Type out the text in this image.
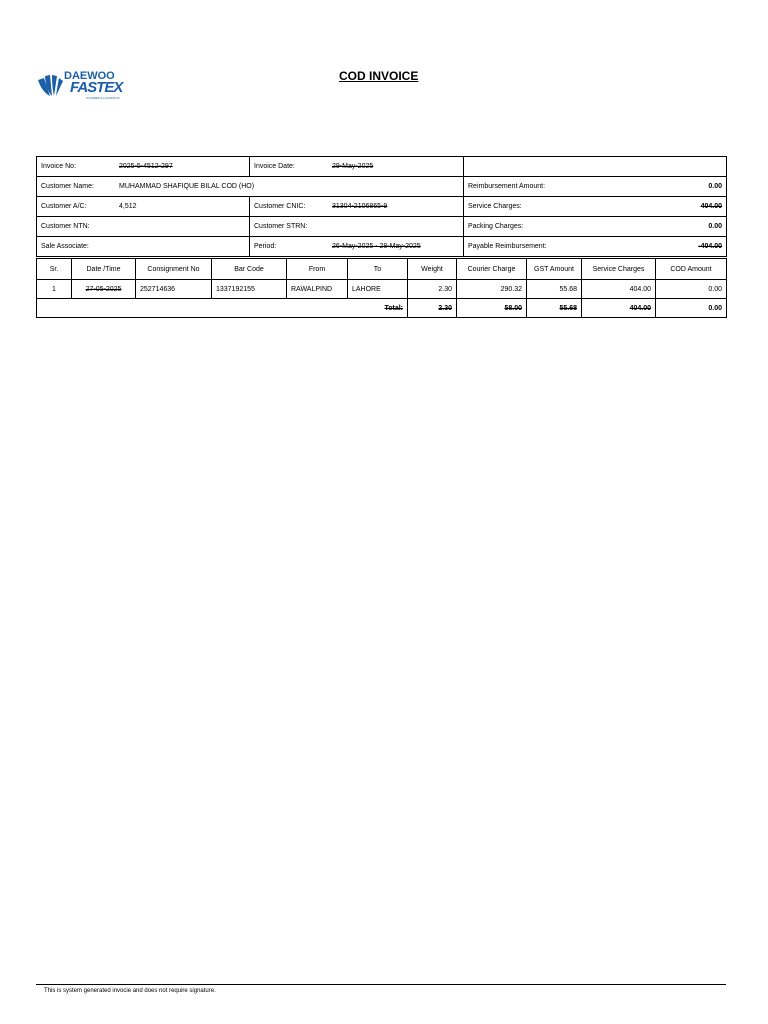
DAEWOO
FASTEX
COURIER & LOGISTICS
COD INVOICE
Invoice No: 2025-5-4512-297	Invoice Date: 29-May-2025	
Customer Name: MUHAMMAD SHAFIQUE BILAL COD (HO)		Reimbursement Amount: 0.00

Customer A/C: 4,512	Customer CNIC: 31304-2106865-9	Service Charges: 404.00

Customer NTN:	Customer STRN:	Packing Charges: 0.00

Sale Associate:	Period: 26-May-2025 - 28-May-2025	Payable Reimbursement: -404.00
Sr.	Date /Time	Consignment No	Bar Code	From	To	Weight	Courier Charge	GST Amount	Service Charges	COD Amount
1	27-05-2025	252714636	1337192155	RAWALPIND	LAHORE	2.30	290.32	55.68	404.00	0.00
Total:						2.30	58.00	55.68	404.00	0.00
This is system generated invocie and does not require signature.
